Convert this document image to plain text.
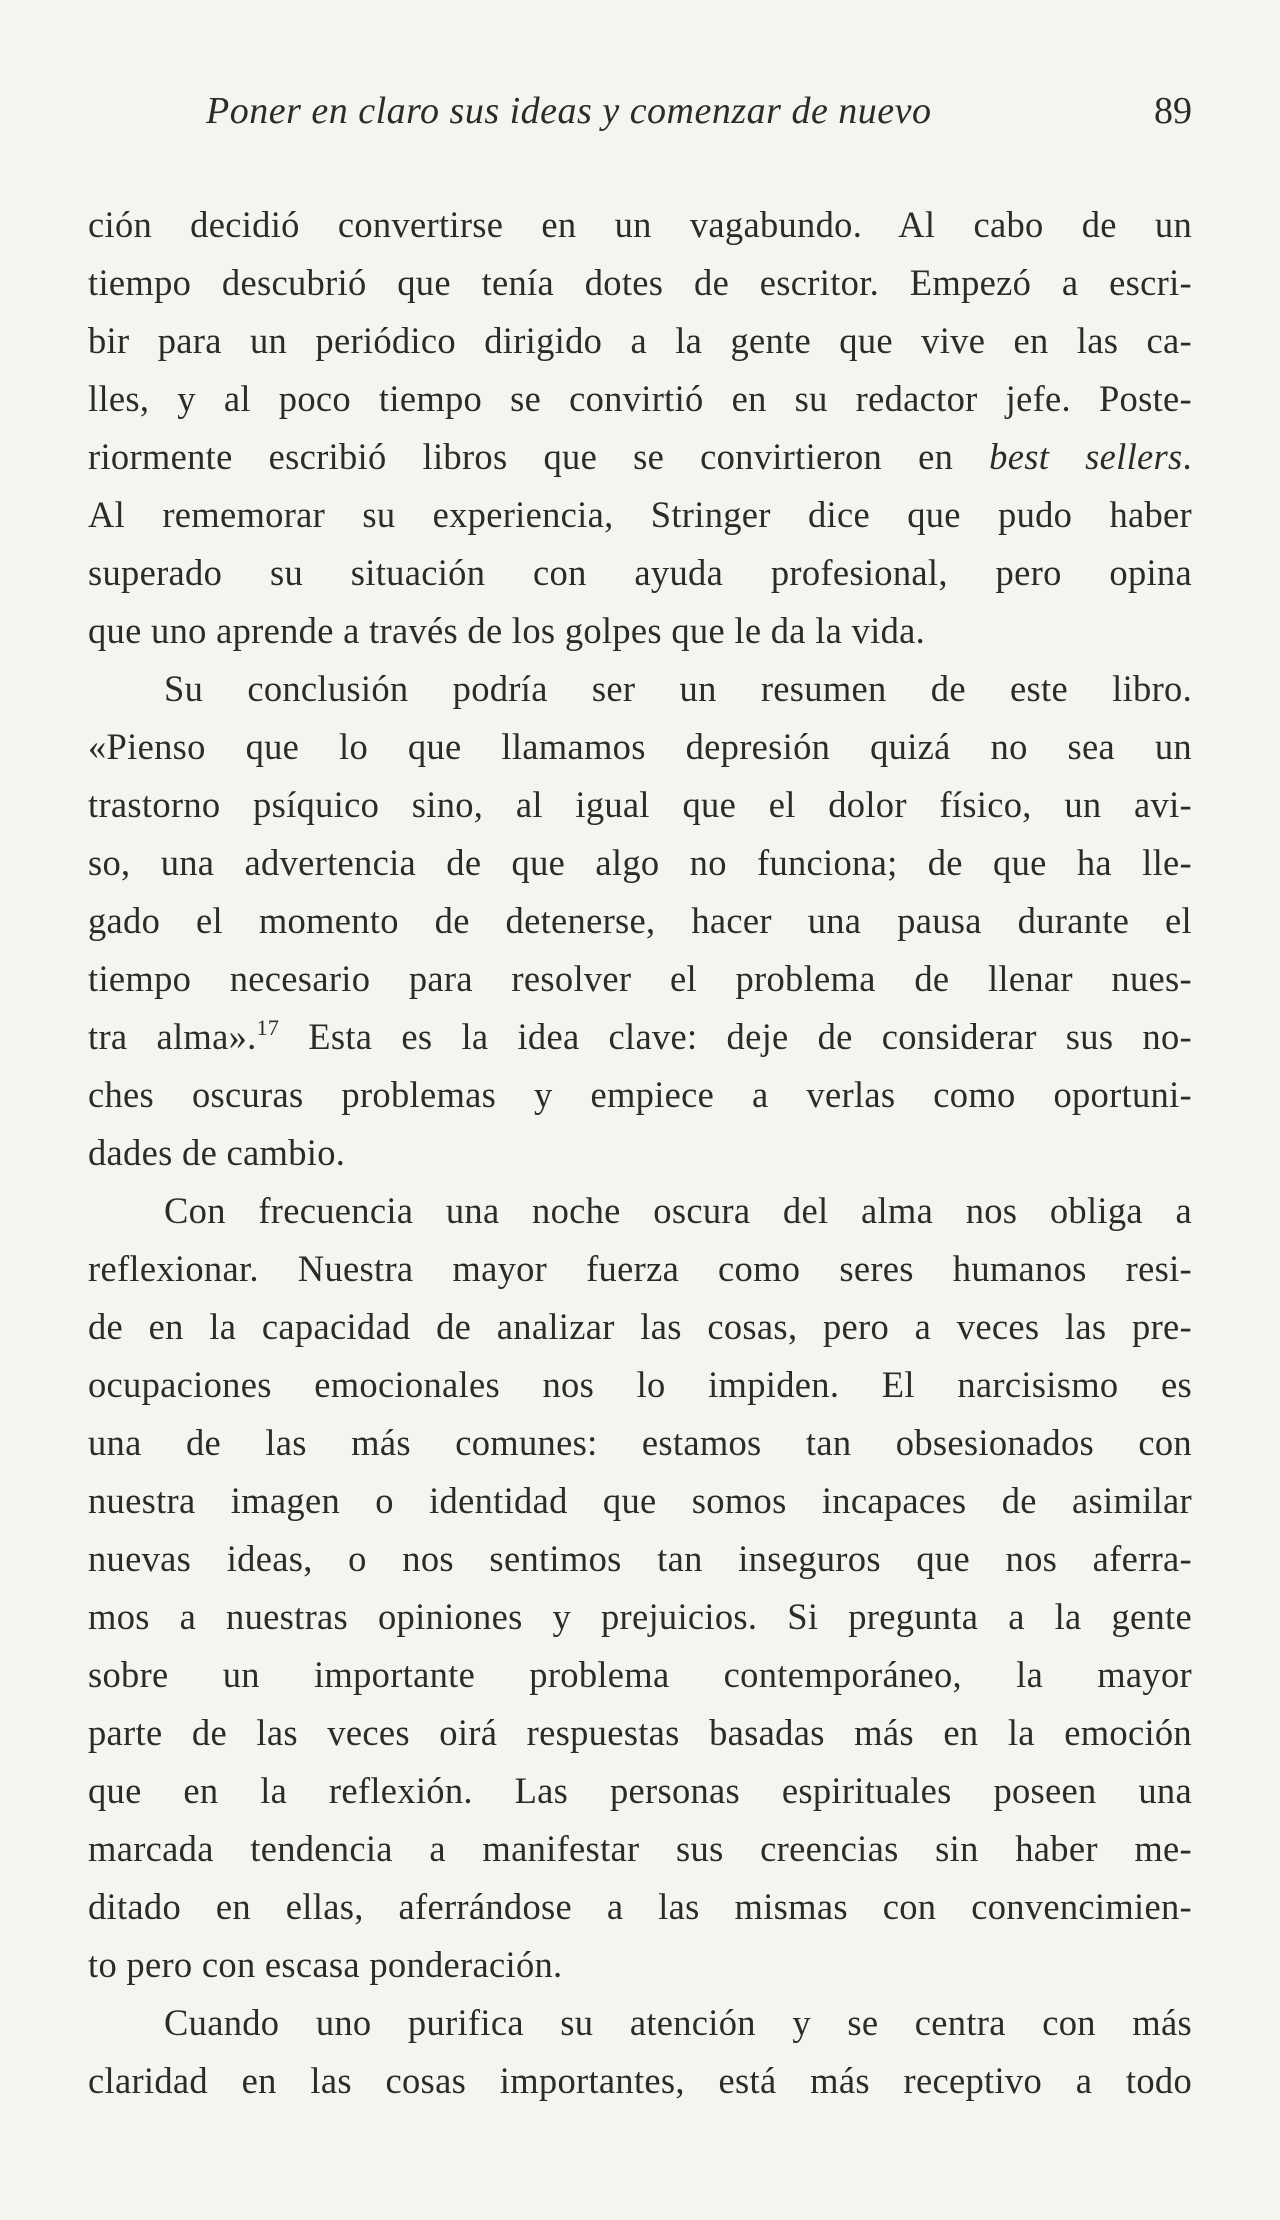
Poner en claro sus ideas y comenzar de nuevo	89
ción decidió convertirse en un vagabundo. Al cabo de un
tiempo descubrió que tenía dotes de escritor. Empezó a escri-
bir para un periódico dirigido a la gente que vive en las ca-
lles, y al poco tiempo se convirtió en su redactor jefe. Poste-
riormente escribió libros que se convirtieron en best sellers.
Al rememorar su experiencia, Stringer dice que pudo haber
superado su situación con ayuda profesional, pero opina
que uno aprende a través de los golpes que le da la vida.
Su conclusión podría ser un resumen de este libro.
«Pienso que lo que llamamos depresión quizá no sea un
trastorno psíquico sino, al igual que el dolor físico, un avi-
so, una advertencia de que algo no funciona; de que ha lle-
gado el momento de detenerse, hacer una pausa durante el
tiempo necesario para resolver el problema de llenar nues-
tra alma».$^{17}$ Esta es la idea clave: deje de considerar sus no-
ches oscuras problemas y empiece a verlas como oportuni-
dades de cambio.
Con frecuencia una noche oscura del alma nos obliga a
reflexionar. Nuestra mayor fuerza como seres humanos resi-
de en la capacidad de analizar las cosas, pero a veces las pre-
ocupaciones emocionales nos lo impiden. El narcisismo es
una de las más comunes: estamos tan obsesionados con
nuestra imagen o identidad que somos incapaces de asimilar
nuevas ideas, o nos sentimos tan inseguros que nos aferra-
mos a nuestras opiniones y prejuicios. Si pregunta a la gente
sobre un importante problema contemporáneo, la mayor
parte de las veces oirá respuestas basadas más en la emoción
que en la reflexión. Las personas espirituales poseen una
marcada tendencia a manifestar sus creencias sin haber me-
ditado en ellas, aferrándose a las mismas con convencimien-
to pero con escasa ponderación.
Cuando uno purifica su atención y se centra con más
claridad en las cosas importantes, está más receptivo a todo
